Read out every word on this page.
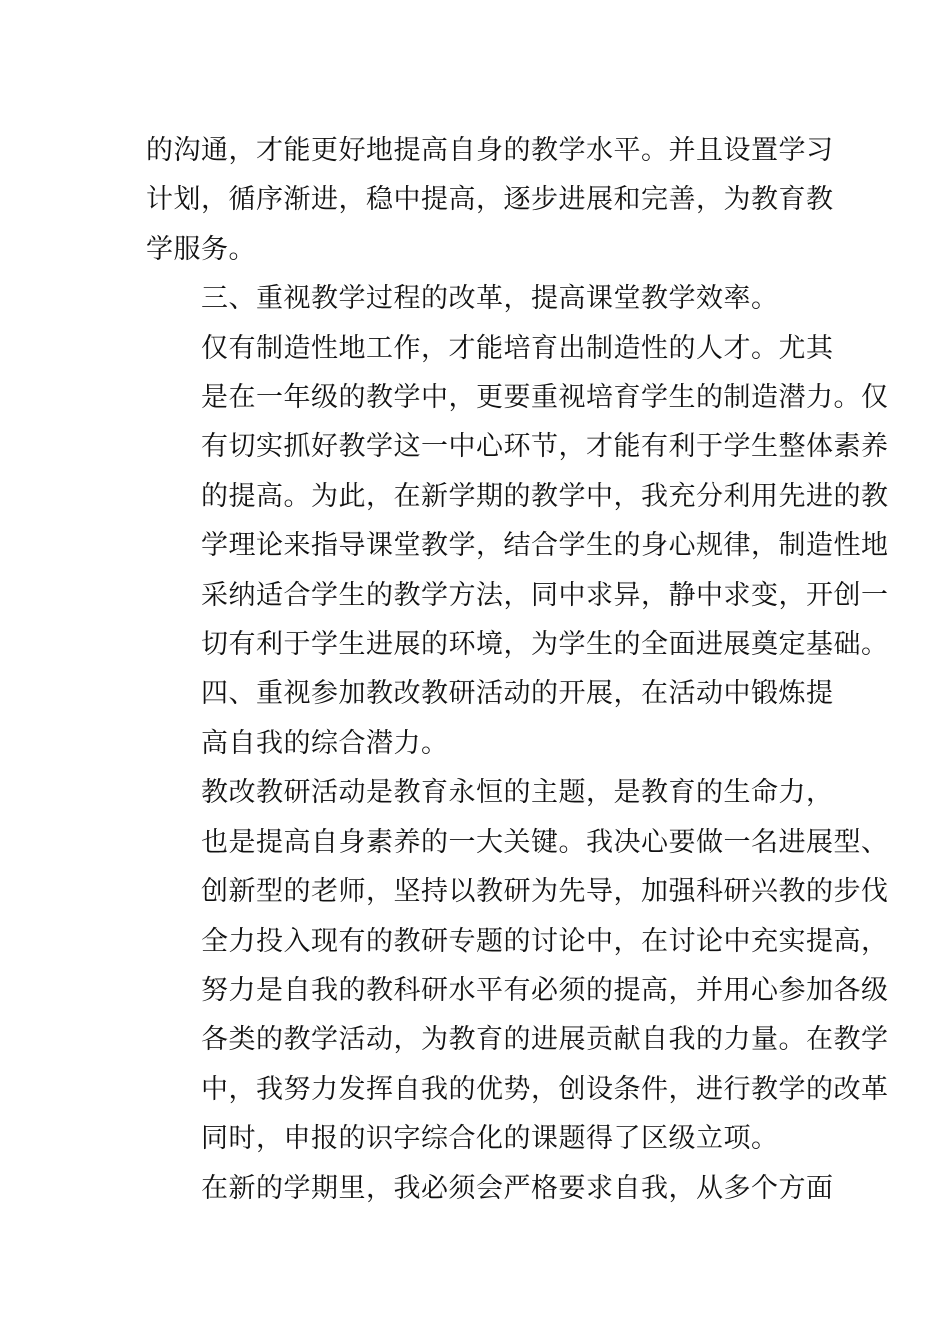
的沟通，才能更好地提高自身的教学水平。并且设置学习
计划，循序渐进，稳中提高，逐步进展和完善，为教育教
学服务。

三、重视教学过程的改革，提高课堂教学效率。

仅有制造性地工作，才能培育出制造性的人才。尤其
是在一年级的教学中，更要重视培育学生的制造潜力。仅
有切实抓好教学这一中心环节，才能有利于学生整体素养
的提高。为此，在新学期的教学中，我充分利用先进的教
学理论来指导课堂教学，结合学生的身心规律，制造性地
采纳适合学生的教学方法，同中求异，静中求变，开创一
切有利于学生进展的环境，为学生的全面进展奠定基础。

四、重视参加教改教研活动的开展，在活动中锻炼提
高自我的综合潜力。

教改教研活动是教育永恒的主题，是教育的生命力，
也是提高自身素养的一大关键。我决心要做一名进展型、
创新型的老师，坚持以教研为先导，加强科研兴教的步伐
全力投入现有的教研专题的讨论中，在讨论中充实提高，
努力是自我的教科研水平有必须的提高，并用心参加各级
各类的教学活动，为教育的进展贡献自我的力量。在教学
中，我努力发挥自我的优势，创设条件，进行教学的改革
同时，申报的识字综合化的课题得了区级立项。

在新的学期里，我必须会严格要求自我，从多个方面
